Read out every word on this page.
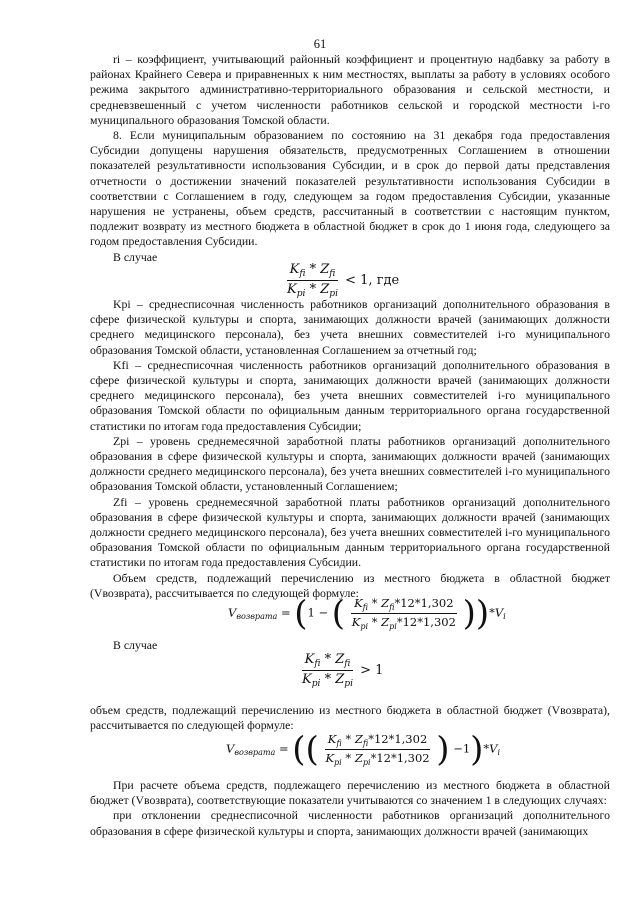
61

ri – коэффициент, учитывающий районный коэффициент и процентную надбавку за работу в районах Крайнего Севера и приравненных к ним местностях, выплаты за работу в условиях особого режима закрытого административно-территориального образования и сельской местности, и средневзвешенный с учетом численности работников сельской и городской местности i-го муниципального образования Томской области.

8. Если муниципальным образованием по состоянию на 31 декабря года предоставления Субсидии допущены нарушения обязательств, предусмотренных Соглашением в отношении показателей результативности использования Субсидии, и в срок до первой даты представления отчетности о достижении значений показателей результативности использования Субсидии в соответствии с Соглашением в году, следующем за годом предоставления Субсидии, указанные нарушения не устранены, объем средств, рассчитанный в соответствии с настоящим пунктом, подлежит возврату из местного бюджета в областной бюджет в срок до 1 июня года, следующего за годом предоставления Субсидии.

В случае

$\frac{K_{fi} * Z_{fi}}{K_{pi} * Z_{pi}} < 1$, где

Kpi – среднесписочная численность работников организаций дополнительного образования в сфере физической культуры и спорта, занимающих должности врачей (занимающих должности среднего медицинского персонала), без учета внешних совместителей i-го муниципального образования Томской области, установленная Соглашением за отчетный год;

Kfi – среднесписочная численность работников организаций дополнительного образования в сфере физической культуры и спорта, занимающих должности врачей (занимающих должности среднего медицинского персонала), без учета внешних совместителей i-го муниципального образования Томской области по официальным данным территориального органа государственной статистики по итогам года предоставления Субсидии;

Zpi – уровень среднемесячной заработной платы работников организаций дополнительного образования в сфере физической культуры и спорта, занимающих должности врачей (занимающих должности среднего медицинского персонала), без учета внешних совместителей i-го муниципального образования Томской области, установленный Соглашением;

Zfi – уровень среднемесячной заработной платы работников организаций дополнительного образования в сфере физической культуры и спорта, занимающих должности врачей (занимающих должности среднего медицинского персонала), без учета внешних совместителей i-го муниципального образования Томской области по официальным данным территориального органа государственной статистики по итогам года предоставления Субсидии.

Объем средств, подлежащий перечислению из местного бюджета в областной бюджет (Vвозврата), рассчитывается по следующей формуле:

$V_{возврата} = (1$ − ( $\frac{K_{fi} * Z_{fi}*12*1,302}{K_{pi} * Z_{pi}*12*1,302} ))*V_i$

В случае

$\frac{K_{fi} * Z_{fi}}{K_{pi} * Z_{pi}} > 1$

объем средств, подлежащий перечислению из местного бюджета в областной бюджет (Vвозврата), рассчитывается по следующей формуле:

$V_{возврата}$ = (( $\frac{K_{fi} * Z_{fi}*12*1,302}{K_{pi} * Z_{pi}*12*1,302}$ ) $-1)*V_i$

При расчете объема средств, подлежащего перечислению из местного бюджета в областной бюджет (Vвозврата), соответствующие показатели учитываются со значением 1 в следующих случаях:

при отклонении среднесписочной численности работников организаций дополнительного образования в сфере физической культуры и спорта, занимающих должности врачей (занимающих
